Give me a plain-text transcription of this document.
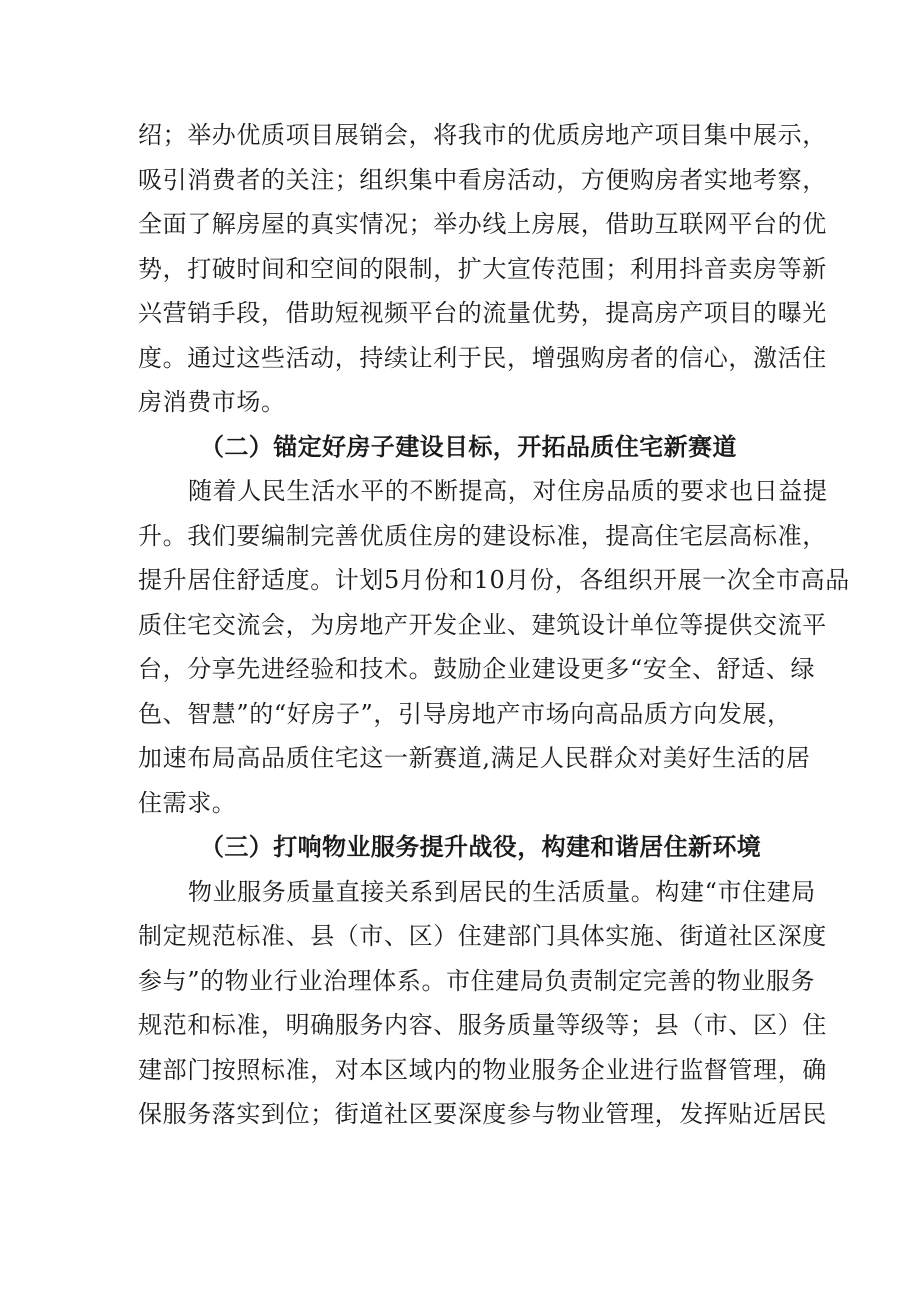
绍；举办优质项目展销会，将我市的优质房地产项目集中展示，
吸引消费者的关注；组织集中看房活动，方便购房者实地考察，
全面了解房屋的真实情况；举办线上房展，借助互联网平台的优
势，打破时间和空间的限制，扩大宣传范围；利用抖音卖房等新
兴营销手段，借助短视频平台的流量优势，提高房产项目的曝光
度。通过这些活动，持续让利于民，增强购房者的信心，激活住
房消费市场。
（二）锚定好房子建设目标，开拓品质住宅新赛道
随着人民生活水平的不断提高，对住房品质的要求也日益提
升。我们要编制完善优质住房的建设标准，提高住宅层高标准，
提升居住舒适度。计划5月份和10月份，各组织开展一次全市高品
质住宅交流会，为房地产开发企业、建筑设计单位等提供交流平
台，分享先进经验和技术。鼓励企业建设更多“安全、舒适、绿
色、智慧”的“好房子”，引导房地产市场向高品质方向发展，
加速布局高品质住宅这一新赛道,满足人民群众对美好生活的居
住需求。
（三）打响物业服务提升战役，构建和谐居住新环境
物业服务质量直接关系到居民的生活质量。构建“市住建局
制定规范标准、县（市、区）住建部门具体实施、街道社区深度
参与”的物业行业治理体系。市住建局负责制定完善的物业服务
规范和标准，明确服务内容、服务质量等级等；县（市、区）住
建部门按照标准，对本区域内的物业服务企业进行监督管理，确
保服务落实到位；街道社区要深度参与物业管理，发挥贴近居民
